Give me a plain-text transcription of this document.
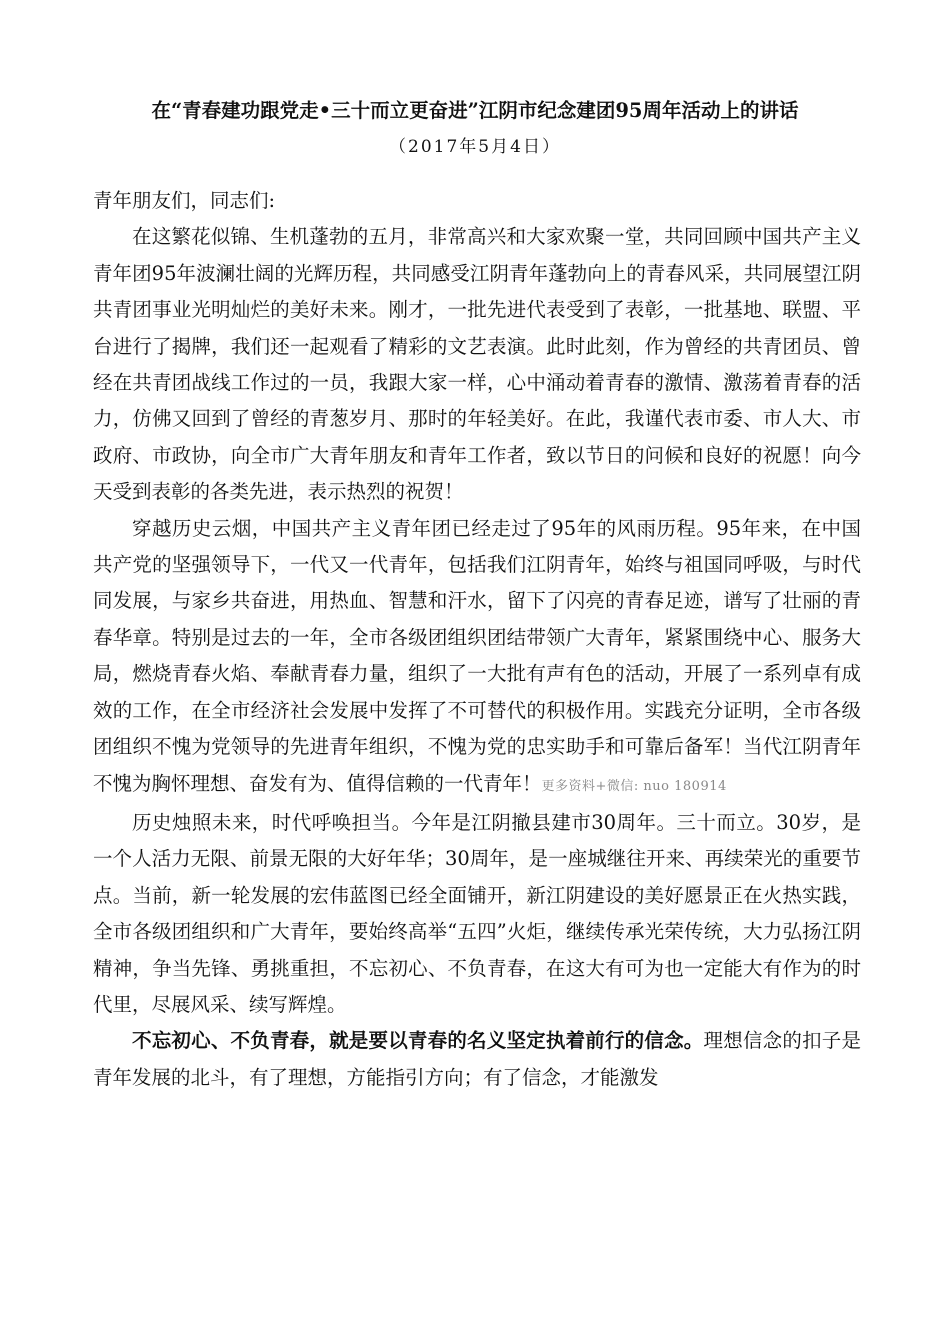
在“青春建功跟党走•三十而立更奋进”江阴市纪念建团95周年活动上的讲话
（2017年5月4日）

青年朋友们，同志们:

在这繁花似锦、生机蓬勃的五月，非常高兴和大家欢聚一堂，共同回顾中国共产主义青年团95年波澜壮阔的光辉历程，共同感受江阴青年蓬勃向上的青春风采，共同展望江阴共青团事业光明灿烂的美好未来。刚才，一批先进代表受到了表彰，一批基地、联盟、平台进行了揭牌，我们还一起观看了精彩的文艺表演。此时此刻，作为曾经的共青团员、曾经在共青团战线工作过的一员，我跟大家一样，心中涌动着青春的激情、激荡着青春的活力，仿佛又回到了曾经的青葱岁月、那时的年轻美好。在此，我谨代表市委、市人大、市政府、市政协，向全市广大青年朋友和青年工作者，致以节日的问候和良好的祝愿！向今天受到表彰的各类先进，表示热烈的祝贺！

穿越历史云烟，中国共产主义青年团已经走过了95年的风雨历程。95年来，在中国共产党的坚强领导下，一代又一代青年，包括我们江阴青年，始终与祖国同呼吸，与时代同发展，与家乡共奋进，用热血、智慧和汗水，留下了闪亮的青春足迹，谱写了壮丽的青春华章。特别是过去的一年，全市各级团组织团结带领广大青年，紧紧围绕中心、服务大局，燃烧青春火焰、奉献青春力量，组织了一大批有声有色的活动，开展了一系列卓有成效的工作，在全市经济社会发展中发挥了不可替代的积极作用。实践充分证明，全市各级团组织不愧为党领导的先进青年组织，不愧为党的忠实助手和可靠后备军！当代江阴青年不愧为胸怀理想、奋发有为、值得信赖的一代青年！更多资料+微信: nuo 180914

历史烛照未来，时代呼唤担当。今年是江阴撤县建市30周年。三十而立。30岁，是一个人活力无限、前景无限的大好年华；30周年，是一座城继往开来、再续荣光的重要节点。当前，新一轮发展的宏伟蓝图已经全面铺开，新江阴建设的美好愿景正在火热实践，全市各级团组织和广大青年，要始终高举“五四”火炬，继续传承光荣传统，大力弘扬江阴精神，争当先锋、勇挑重担，不忘初心、不负青春，在这大有可为也一定能大有作为的时代里，尽展风采、续写辉煌。

不忘初心、不负青春，就是要以青春的名义坚定执着前行的信念。理想信念的扣子是青年发展的北斗，有了理想，方能指引方向；有了信念，才能激发
